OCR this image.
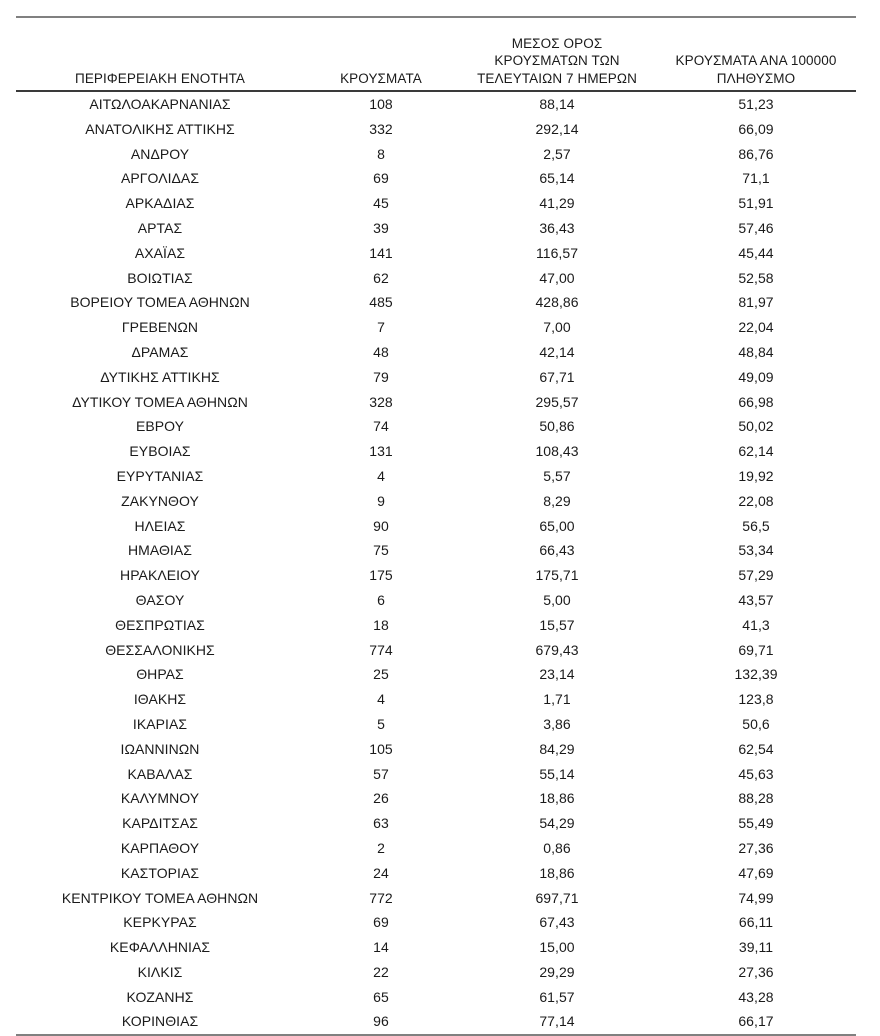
ΠΕΡΙΦΕΡΕΙΑΚΗ ΕΝΟΤΗΤΑ	ΚΡΟΥΣΜΑΤΑ	ΜΕΣΟΣ ΟΡΟΣ
ΚΡΟΥΣΜΑΤΩΝ ΤΩΝ
ΤΕΛΕΥΤΑΙΩΝ 7 ΗΜΕΡΩΝ	ΚΡΟΥΣΜΑΤΑ ΑΝΑ 100000
ΠΛΗΘΥΣΜΟ

ΑΙΤΩΛΟΑΚΑΡΝΑΝΙΑΣ	108	88,14	51,23
ΑΝΑΤΟΛΙΚΗΣ ΑΤΤΙΚΗΣ	332	292,14	66,09
ΑΝΔΡΟΥ	8	2,57	86,76
ΑΡΓΟΛΙΔΑΣ	69	65,14	71,1
ΑΡΚΑΔΙΑΣ	45	41,29	51,91
ΑΡΤΑΣ	39	36,43	57,46
ΑΧΑΪΑΣ	141	116,57	45,44
ΒΟΙΩΤΙΑΣ	62	47,00	52,58
ΒΟΡΕΙΟΥ ΤΟΜΕΑ ΑΘΗΝΩΝ	485	428,86	81,97
ΓΡΕΒΕΝΩΝ	7	7,00	22,04
ΔΡΑΜΑΣ	48	42,14	48,84
ΔΥΤΙΚΗΣ ΑΤΤΙΚΗΣ	79	67,71	49,09
ΔΥΤΙΚΟΥ ΤΟΜΕΑ ΑΘΗΝΩΝ	328	295,57	66,98
ΕΒΡΟΥ	74	50,86	50,02
ΕΥΒΟΙΑΣ	131	108,43	62,14
ΕΥΡΥΤΑΝΙΑΣ	4	5,57	19,92
ΖΑΚΥΝΘΟΥ	9	8,29	22,08
ΗΛΕΙΑΣ	90	65,00	56,5
ΗΜΑΘΙΑΣ	75	66,43	53,34
ΗΡΑΚΛΕΙΟΥ	175	175,71	57,29
ΘΑΣΟΥ	6	5,00	43,57
ΘΕΣΠΡΩΤΙΑΣ	18	15,57	41,3
ΘΕΣΣΑΛΟΝΙΚΗΣ	774	679,43	69,71
ΘΗΡΑΣ	25	23,14	132,39
ΙΘΑΚΗΣ	4	1,71	123,8
ΙΚΑΡΙΑΣ	5	3,86	50,6
ΙΩΑΝΝΙΝΩΝ	105	84,29	62,54
ΚΑΒΑΛΑΣ	57	55,14	45,63
ΚΑΛΥΜΝΟΥ	26	18,86	88,28
ΚΑΡΔΙΤΣΑΣ	63	54,29	55,49
ΚΑΡΠΑΘΟΥ	2	0,86	27,36
ΚΑΣΤΟΡΙΑΣ	24	18,86	47,69
ΚΕΝΤΡΙΚΟΥ ΤΟΜΕΑ ΑΘΗΝΩΝ	772	697,71	74,99
ΚΕΡΚΥΡΑΣ	69	67,43	66,11
ΚΕΦΑΛΛΗΝΙΑΣ	14	15,00	39,11
ΚΙΛΚΙΣ	22	29,29	27,36
ΚΟΖΑΝΗΣ	65	61,57	43,28
ΚΟΡΙΝΘΙΑΣ	96	77,14	66,17
